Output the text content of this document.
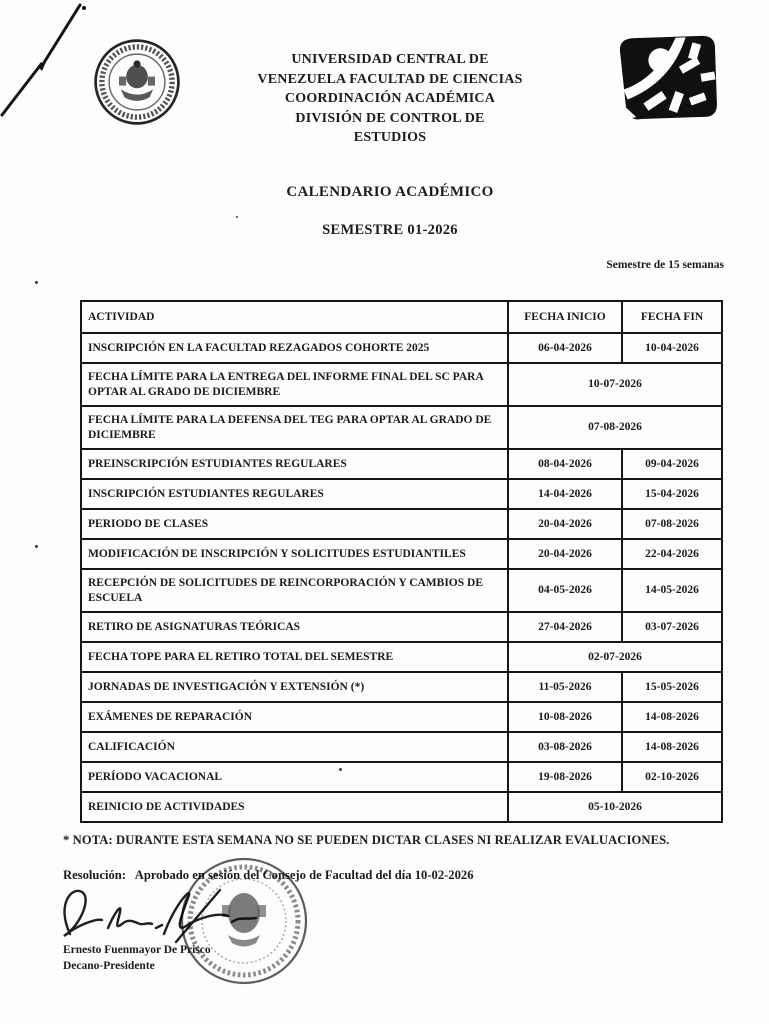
UNIVERSIDAD CENTRAL DE
VENEZUELA FACULTAD DE CIENCIAS
COORDINACIÓN ACADÉMICA
DIVISIÓN DE CONTROL DE
ESTUDIOS
CALENDARIO ACADÉMICO
SEMESTRE 01-2026
Semestre de 15 semanas
ACTIVIDAD	FECHA INICIO	FECHA FIN
INSCRIPCIÓN EN LA FACULTAD REZAGADOS COHORTE 2025	06-04-2026	10-04-2026
FECHA LÍMITE PARA LA ENTREGA DEL INFORME FINAL DEL SC PARA OPTAR AL GRADO DE DICIEMBRE	10-07-2026	
FECHA LÍMITE PARA LA DEFENSA DEL TEG PARA OPTAR AL GRADO DE DICIEMBRE	07-08-2026	
PREINSCRIPCIÓN ESTUDIANTES REGULARES	08-04-2026	09-04-2026
INSCRIPCIÓN ESTUDIANTES REGULARES	14-04-2026	15-04-2026
PERIODO DE CLASES	20-04-2026	07-08-2026
MODIFICACIÓN DE INSCRIPCIÓN Y SOLICITUDES ESTUDIANTILES	20-04-2026	22-04-2026
RECEPCIÓN DE SOLICITUDES DE REINCORPORACIÓN Y CAMBIOS DE ESCUELA	04-05-2026	14-05-2026
RETIRO DE ASIGNATURAS TEÓRICAS	27-04-2026	03-07-2026
FECHA TOPE PARA EL RETIRO TOTAL DEL SEMESTRE	02-07-2026	
JORNADAS DE INVESTIGACIÓN Y EXTENSIÓN (*)	11-05-2026	15-05-2026
EXÁMENES DE REPARACIÓN	10-08-2026	14-08-2026
CALIFICACIÓN	03-08-2026	14-08-2026
PERÍODO VACACIONAL	19-08-2026	02-10-2026
REINICIO DE ACTIVIDADES	05-10-2026	
* NOTA: DURANTE ESTA SEMANA NO SE PUEDEN DICTAR CLASES NI REALIZAR EVALUACIONES.
Resolución:   Aprobado en sesión del Consejo de Facultad del día 10-02-2026
Ernesto Fuenmayor De Prisco
Decano-Presidente
